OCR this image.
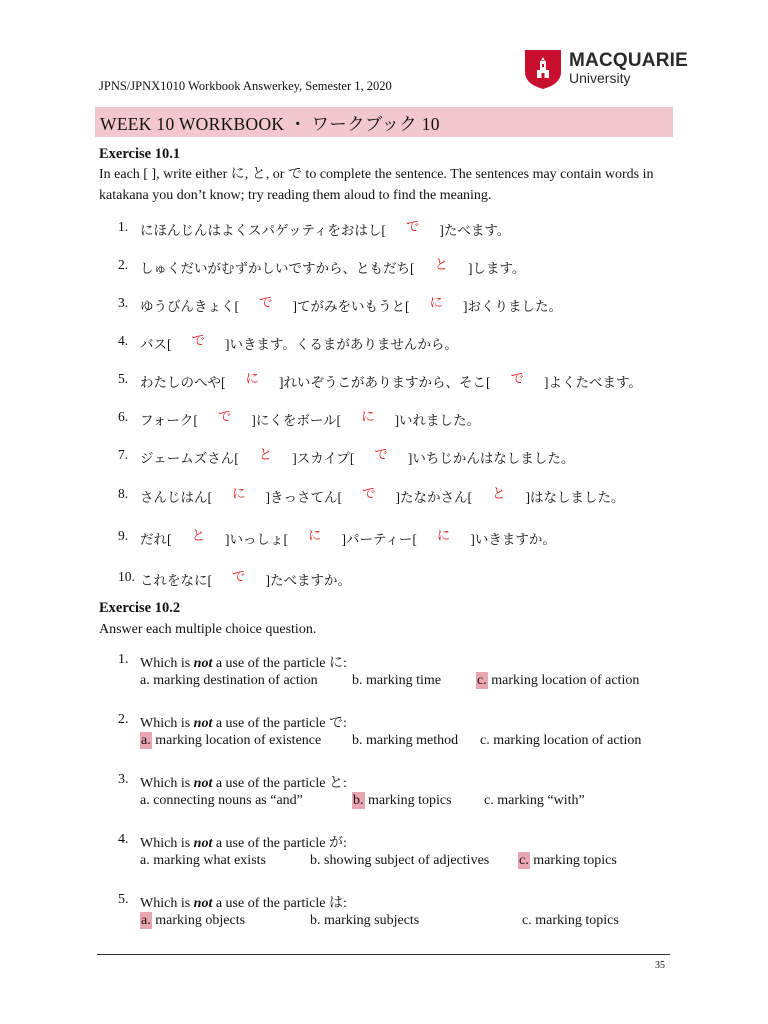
JPNS/JPNX1010 Workbook Answerkey, Semester 1, 2020
MACQUARIE
University
WEEK 10 WORKBOOK ・ ワークブック 10
Exercise 10.1
In each [ ], write either に, と, or で to complete the sentence. The sentences may contain words in katakana you don’t know; try reading them aloud to find the meaning.
1. にほんじんはよくスパゲッティをおはし[ で ]たべます。
2. しゅくだいがむずかしいですから、ともだち[ と ]します。
3. ゆうびんきょく[ で ]てがみをいもうと[ に ]おくりました。
4. バス[ で ]いきます。くるまがありませんから。
5. わたしのへや[ に ]れいぞうこがありますから、そこ[ で ]よくたべます。
6. フォーク[ で ]にくをボール[ に ]いれました。
7. ジェームズさん[ と ]スカイプ[ で ]いちじかんはなしました。
8. さんじはん[ に ]きっさてん[ で ]たなかさん[ と ]はなしました。
9. だれ[ と ]いっしょ[ に ]パーティー[ に ]いきますか。
10. これをなに[ で ]たべますか。
Exercise 10.2
Answer each multiple choice question.
1. Which is not a use of the particle に:
a. marking destination of action b. marking time	c. marking location of action
2. Which is not a use of the particle で:
a. marking location of existence b. marking method c. marking location of action
3. Which is not a use of the particle と:
a. connecting nouns as “and”	b. marking topics c. marking “with”
4. Which is not a use of the particle が:
a. marking what exists	b. showing subject of adjectives c. marking topics
5. Which is not a use of the particle は:
a. marking objects	b. marking subjects	c. marking topics
35
